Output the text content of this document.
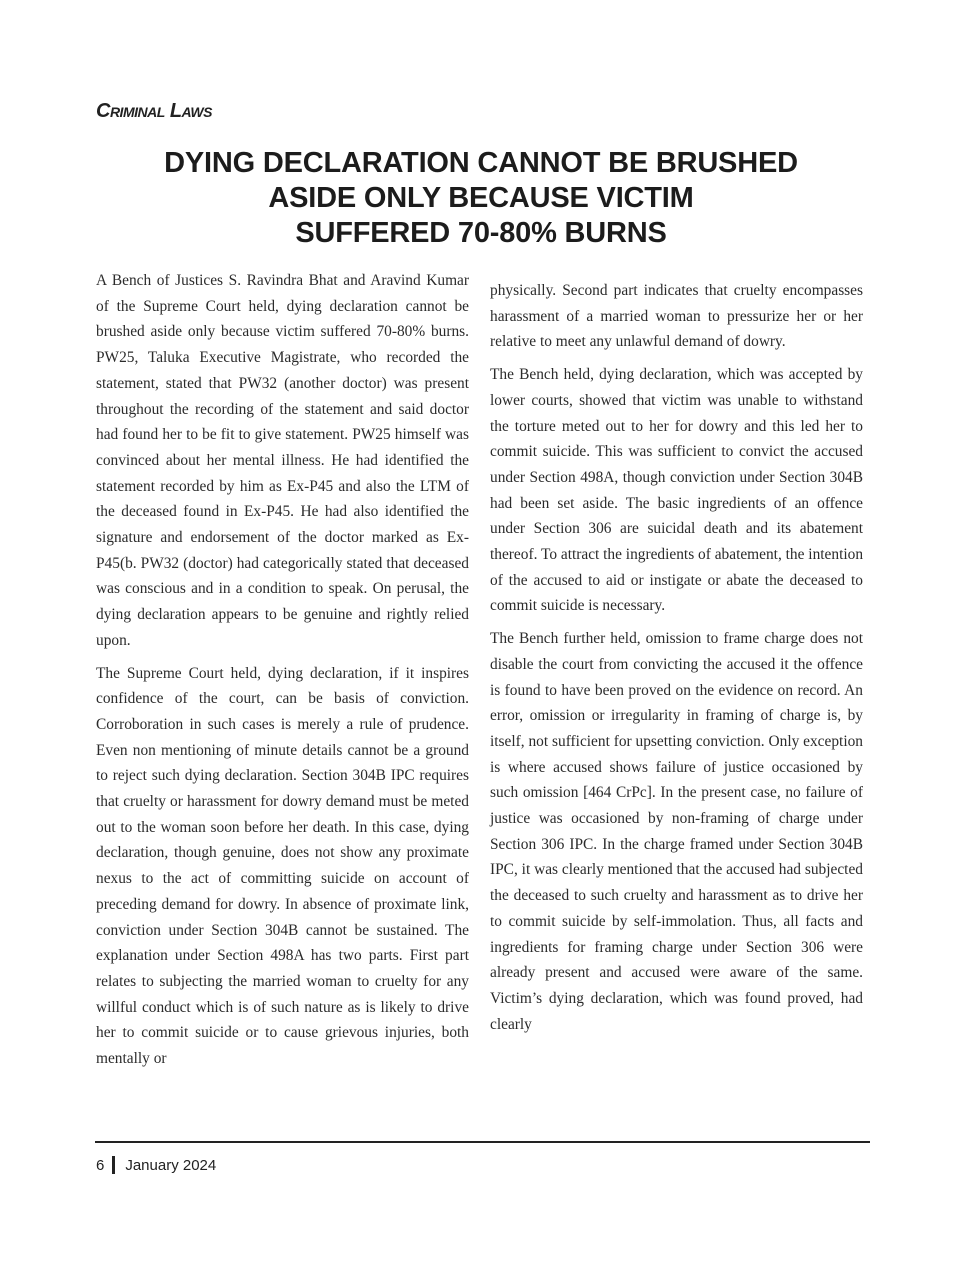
Criminal Laws
DYING DECLARATION CANNOT BE BRUSHED
ASIDE ONLY BECAUSE VICTIM
SUFFERED 70-80% BURNS

A Bench of Justices S. Ravindra Bhat and Aravind Kumar of the Supreme Court held, dying declaration cannot be brushed aside only because victim suffered 70-80% burns. PW25, Taluka Executive Magistrate, who recorded the statement, stated that PW32 (another doctor) was present throughout the recording of the statement and said doctor had found her to be fit to give statement. PW25 himself was convinced about her mental illness. He had identified the statement recorded by him as Ex-P45 and also the LTM of the deceased found in Ex-P45. He had also identified the signature and endorsement of the doctor marked as Ex-P45(b. PW32 (doctor) had categorically stated that deceased was conscious and in a condition to speak. On perusal, the dying declaration appears to be genuine and rightly relied upon.

The Supreme Court held, dying declaration, if it inspires confidence of the court, can be basis of conviction. Corroboration in such cases is merely a rule of prudence. Even non mentioning of minute details cannot be a ground to reject such dying declaration. Section 304B IPC requires that cruelty or harassment for dowry demand must be meted out to the woman soon before her death. In this case, dying declaration, though genuine, does not show any proximate nexus to the act of committing suicide on account of preceding demand for dowry. In absence of proximate link, conviction under Section 304B cannot be sustained. The explanation under Section 498A has two parts. First part relates to subjecting the married woman to cruelty for any willful conduct which is of such nature as is likely to drive her to commit suicide or to cause grievous injuries, both mentally or

physically. Second part indicates that cruelty encompasses harassment of a married woman to pressurize her or her relative to meet any unlawful demand of dowry.

The Bench held, dying declaration, which was accepted by lower courts, showed that victim was unable to withstand the torture meted out to her for dowry and this led her to commit suicide. This was sufficient to convict the accused under Section 498A, though conviction under Section 304B had been set aside. The basic ingredients of an offence under Section 306 are suicidal death and its abatement thereof. To attract the ingredients of abatement, the intention of the accused to aid or instigate or abate the deceased to commit suicide is necessary.

The Bench further held, omission to frame charge does not disable the court from convicting the accused it the offence is found to have been proved on the evidence on record. An error, omission or irregularity in framing of charge is, by itself, not sufficient for upsetting conviction. Only exception is where accused shows failure of justice occasioned by such omission [464 CrPc]. In the present case, no failure of justice was occasioned by non-framing of charge under Section 306 IPC. In the charge framed under Section 304B IPC, it was clearly mentioned that the accused had subjected the deceased to such cruelty and harassment as to drive her to commit suicide by self-immolation. Thus, all facts and ingredients for framing charge under Section 306 were already present and accused were aware of the same. Victim’s dying declaration, which was found proved, had clearly

6 January 2024
